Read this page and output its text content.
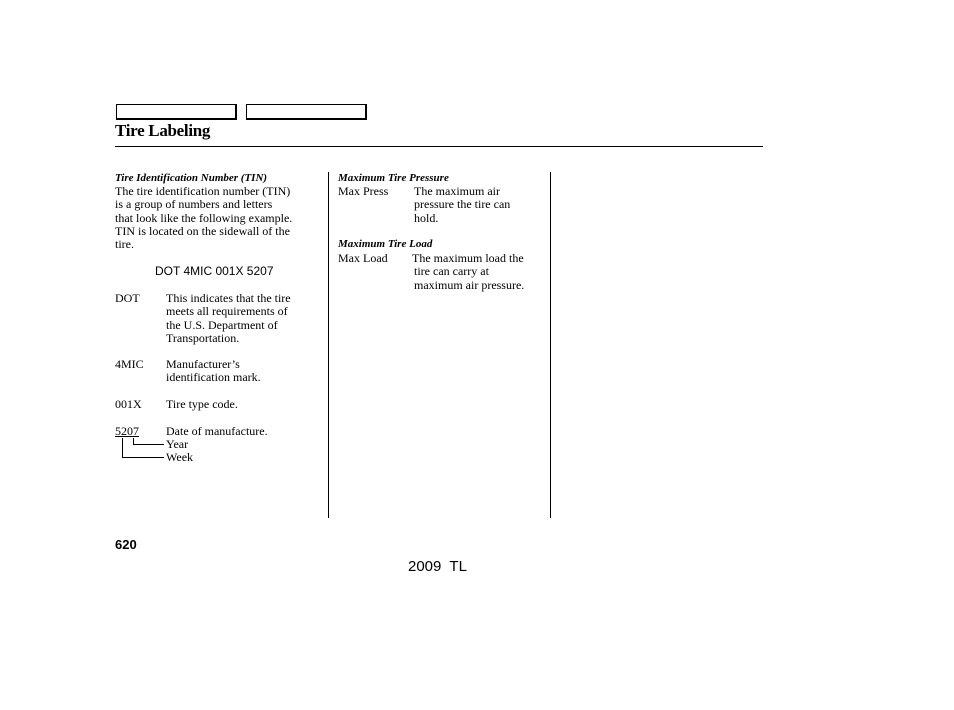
Tire Labeling
Tire Identification Number (TIN)
The tire identification number (TIN)
is a group of numbers and letters
that look like the following example.
TIN is located on the sidewall of the
tire.
DOT 4MIC 001X 5207
DOT This indicates that the tire
meets all requirements of
the U.S. Department of
Transportation.
4MIC Manufacturer’s
identification mark.
001X Tire type code.
5207 Date of manufacture.
Year
Week
Maximum Tire Pressure
Max Press The maximum air
pressure the tire can
hold.
Maximum Tire Load
Max Load The maximum load the
tire can carry at
maximum air pressure.
620
2009  TL
